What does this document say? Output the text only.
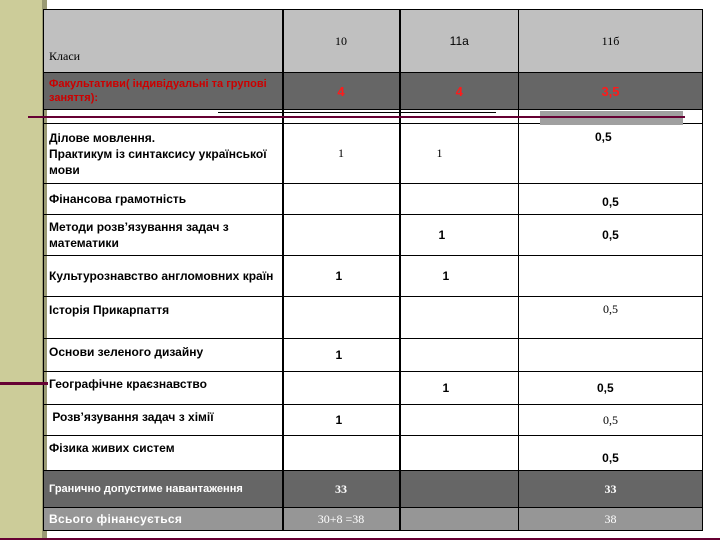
Класи	10	11а	11б
Факультативи( індивідуальні та групові заняття):	4	4	3,5

Ділове мовлення.
Практикум із синтаксису української мови	1	1	0,5
Фінансова грамотність			0,5
Методи розв’язування задач з математики		1	0,5
Культурознавство англомовних країн	1	1	
Історія Прикарпаття			0,5
Основи зеленого дизайну	1		
Географічне краєзнавство		1	0,5
Розв’язування задач з хімії	1		0,5
Фізика живих систем			0,5
Гранично допустиме навантаження	33		33
Всього фінансується	30+8 =38		38
